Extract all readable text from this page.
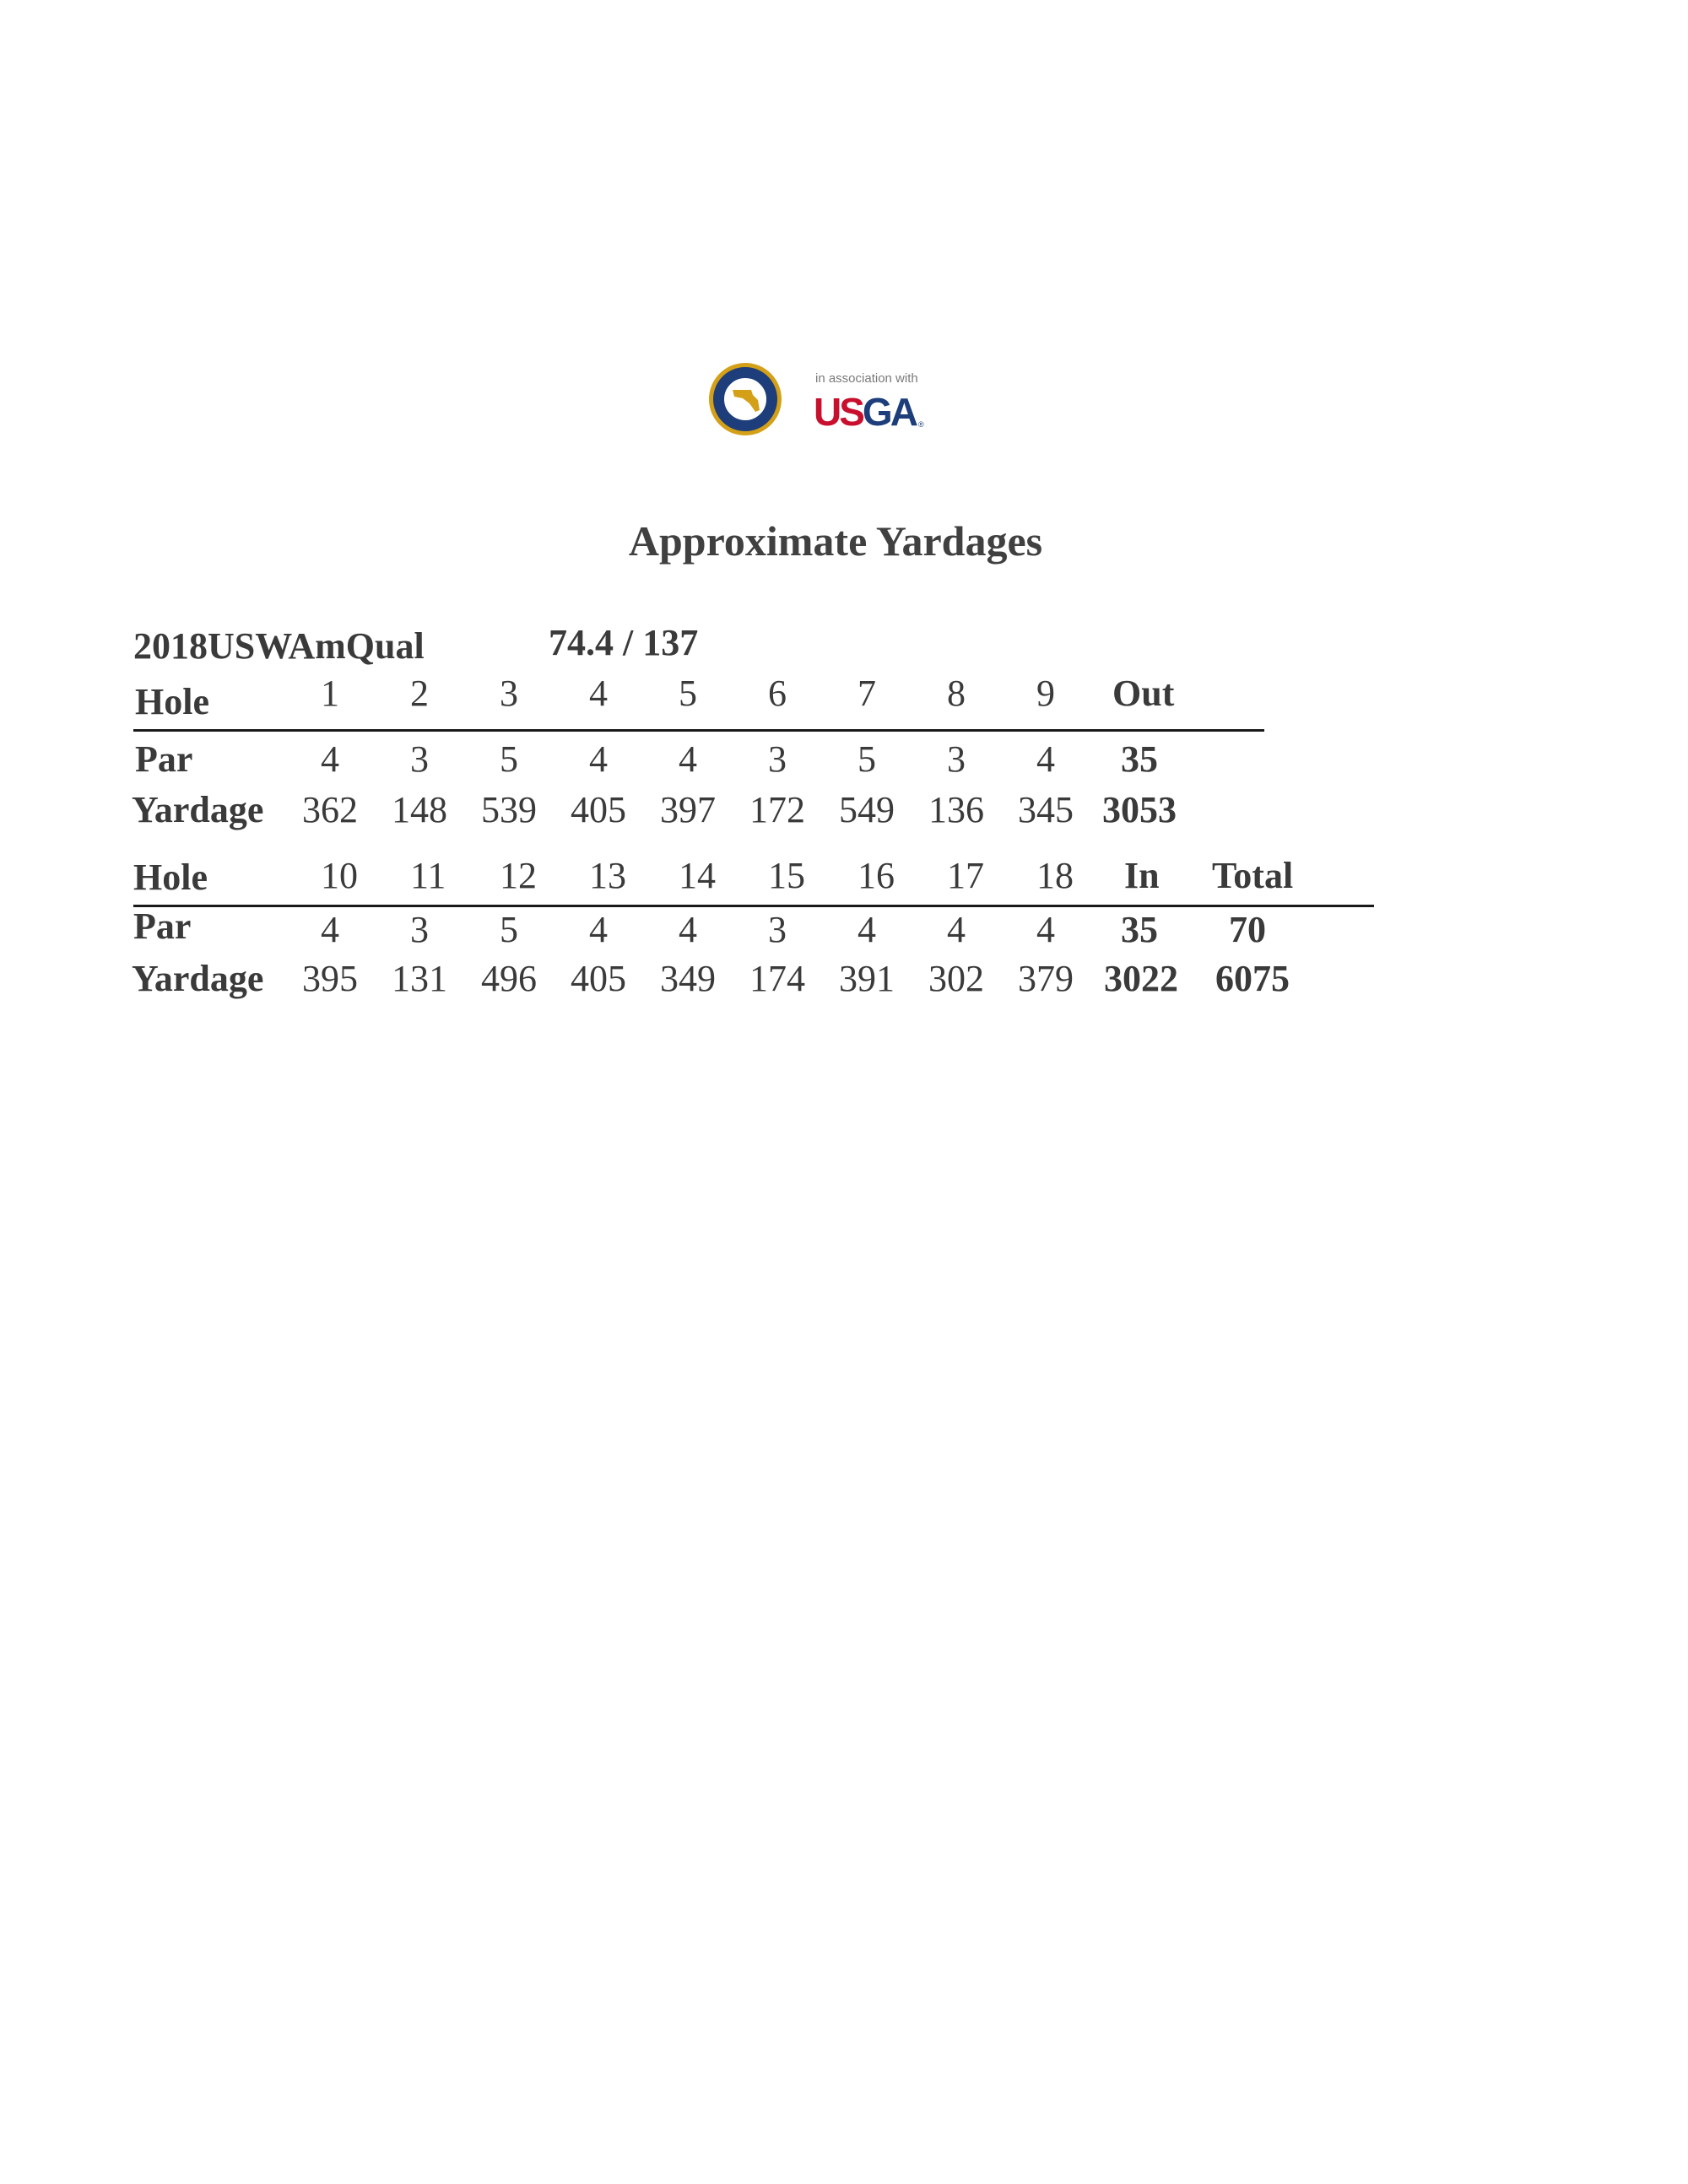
in association with
USGA ®
Approximate Yardages
2018USWAmQual	74.4 / 137
Hole	1 2 3 4 5 6 7 8 9 Out
Par	4 3 5 4 4 3 5 3 4 35
Yardage 362 148 539 405 397 172 549 136 345 3053
Hole	10 11 12 13 14 15 16 17 18 In Total
Par	4 3 5 4 4 3 4 4 4 35 70
Yardage 395 131 496 405 349 174 391 302 379 3022 6075
